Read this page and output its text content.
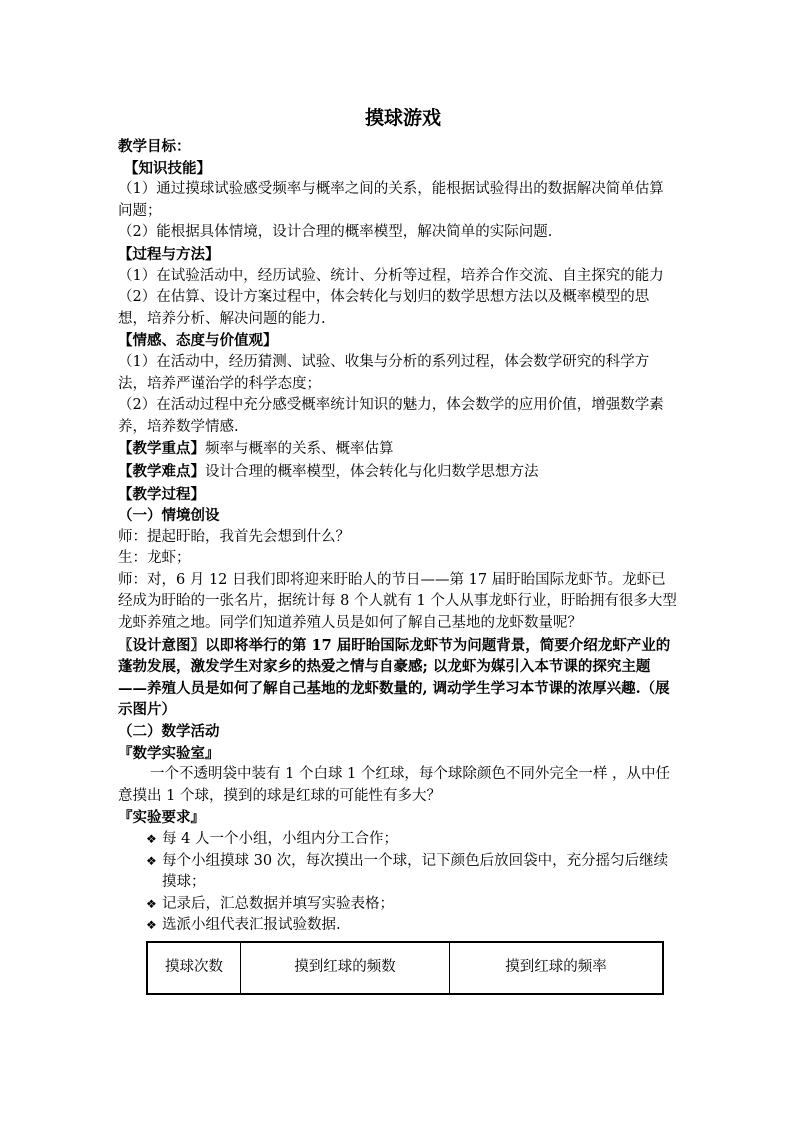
摸球游戏

教学目标：

【知识技能】

（1）通过摸球试验感受频率与概率之间的关系，能根据试验得出的数据解决简单估算问题；

（2）能根据具体情境，设计合理的概率模型，解决简单的实际问题.

【过程与方法】

（1）在试验活动中，经历试验、统计、分析等过程，培养合作交流、自主探究的能力

（2）在估算、设计方案过程中，体会转化与划归的数学思想方法以及概率模型的思想，培养分析、解决问题的能力.

【情感、态度与价值观】

（1）在活动中，经历猜测、试验、收集与分析的系列过程，体会数学研究的科学方法，培养严谨治学的科学态度；

（2）在活动过程中充分感受概率统计知识的魅力，体会数学的应用价值，增强数学素养，培养数学情感.

【教学重点】频率与概率的关系、概率估算

【教学难点】设计合理的概率模型，体会转化与化归数学思想方法

【教学过程】

（一）情境创设

师：提起盱眙，我首先会想到什么？

生：龙虾；

师：对，6 月 12 日我们即将迎来盱眙人的节日——第 17 届盱眙国际龙虾节。龙虾已经成为盱眙的一张名片，据统计每 8 个人就有 1 个人从事龙虾行业，盱眙拥有很多大型龙虾养殖之地。同学们知道养殖人员是如何了解自己基地的龙虾数量呢？

〖设计意图〗以即将举行的第 17 届盱眙国际龙虾节为问题背景，简要介绍龙虾产业的蓬勃发展，激发学生对家乡的热爱之情与自豪感; 以龙虾为媒引入本节课的探究主题——养殖人员是如何了解自己基地的龙虾数量的, 调动学生学习本节课的浓厚兴趣.（展示图片）

（二）数学活动

『数学实验室』

一个不透明袋中装有 1 个白球 1 个红球，每个球除颜色不同外完全一样 ，从中任意摸出 1 个球，摸到的球是红球的可能性有多大？

『实验要求』

❖ 每 4 人一个小组，小组内分工合作；
❖ 每个小组摸球 30 次，每次摸出一个球，记下颜色后放回袋中，充分摇匀后继续摸球；
❖ 记录后，汇总数据并填写实验表格；
❖ 选派小组代表汇报试验数据.
摸球次数	摸到红球的频数	摸到红球的频率
